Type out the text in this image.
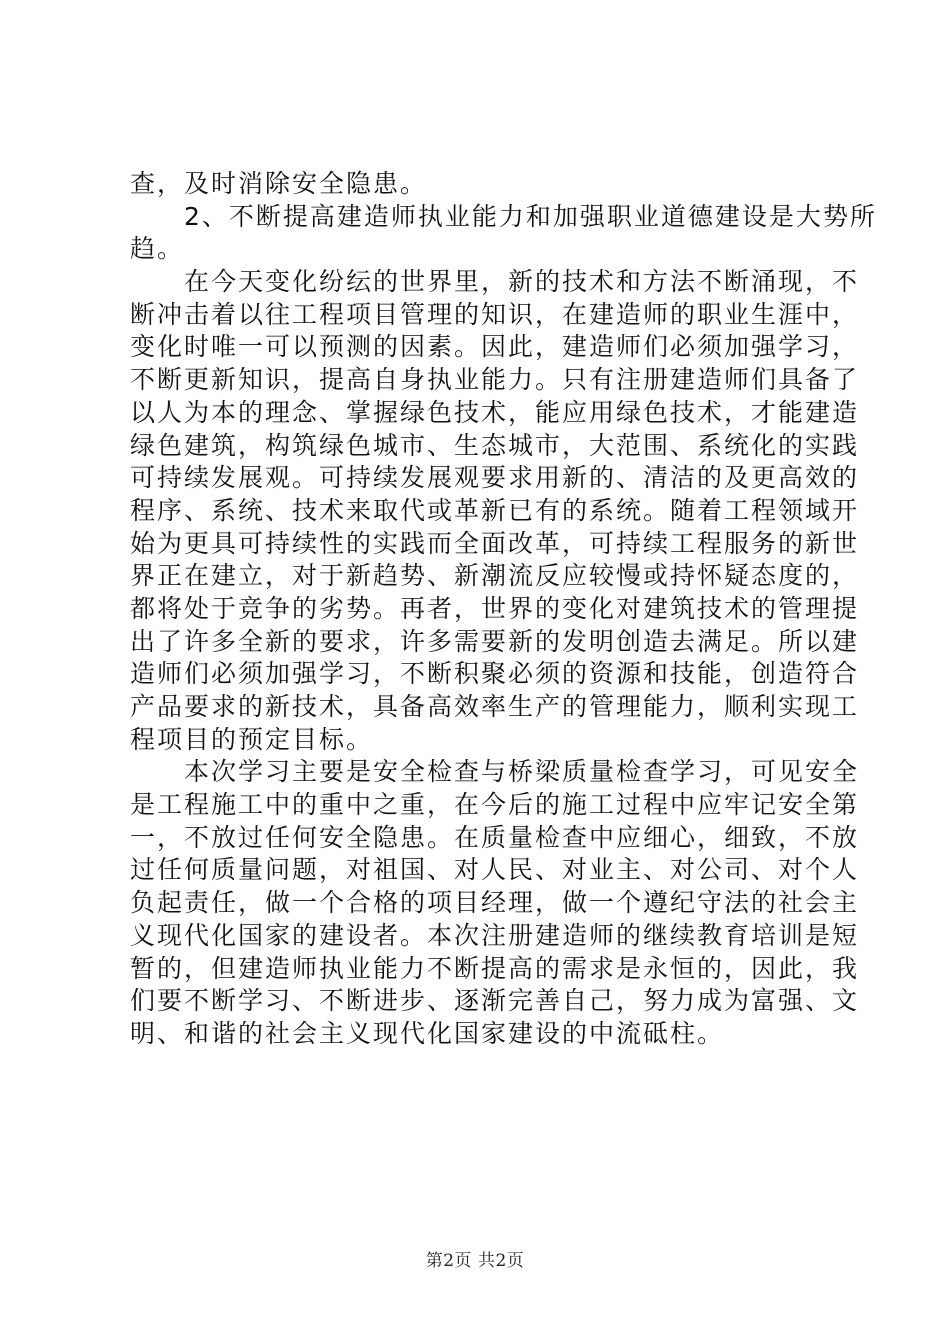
查，及时消除安全隐患。
2、不断提高建造师执业能力和加强职业道德建设是大势所
趋。
在今天变化纷纭的世界里，新的技术和方法不断涌现，不
断冲击着以往工程项目管理的知识，在建造师的职业生涯中，
变化时唯一可以预测的因素。因此，建造师们必须加强学习，
不断更新知识，提高自身执业能力。只有注册建造师们具备了
以人为本的理念、掌握绿色技术，能应用绿色技术，才能建造
绿色建筑，构筑绿色城市、生态城市，大范围、系统化的实践
可持续发展观。可持续发展观要求用新的、清洁的及更高效的
程序、系统、技术来取代或革新已有的系统。随着工程领域开
始为更具可持续性的实践而全面改革，可持续工程服务的新世
界正在建立，对于新趋势、新潮流反应较慢或持怀疑态度的，
都将处于竞争的劣势。再者，世界的变化对建筑技术的管理提
出了许多全新的要求，许多需要新的发明创造去满足。所以建
造师们必须加强学习，不断积聚必须的资源和技能，创造符合
产品要求的新技术，具备高效率生产的管理能力，顺利实现工
程项目的预定目标。
本次学习主要是安全检查与桥梁质量检查学习，可见安全
是工程施工中的重中之重，在今后的施工过程中应牢记安全第
一，不放过任何安全隐患。在质量检查中应细心，细致，不放
过任何质量问题，对祖国、对人民、对业主、对公司、对个人
负起责任，做一个合格的项目经理，做一个遵纪守法的社会主
义现代化国家的建设者。本次注册建造师的继续教育培训是短
暂的，但建造师执业能力不断提高的需求是永恒的，因此，我
们要不断学习、不断进步、逐渐完善自己，努力成为富强、文
明、和谐的社会主义现代化国家建设的中流砥柱。
第2页 共2页
